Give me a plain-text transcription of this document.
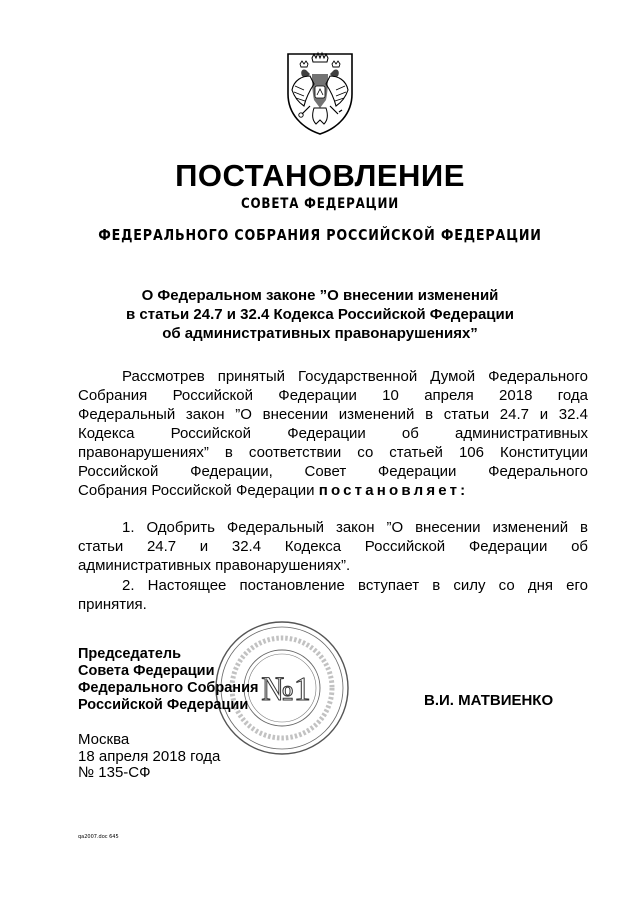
ПОСТАНОВЛЕНИЕ
СОВЕТА ФЕДЕРАЦИИ
ФЕДЕРАЛЬНОГО СОБРАНИЯ РОССИЙСКОЙ ФЕДЕРАЦИИ
О Федеральном законе ”О внесении изменений
в статьи 24.7 и 32.4 Кодекса Российской Федерации
об административных правонарушениях”
Рассмотрев принятый Государственной Думой Федерального
Собрания Российской Федерации 10 апреля 2018 года
Федеральный закон ”О внесении изменений в статьи 24.7 и 32.4
Кодекса Российской Федерации об административных
правонарушениях” в соответствии со статьей 106 Конституции
Российской Федерации, Совет Федерации Федерального
Собрания Российской Федерации постановляет:
1. Одобрить Федеральный закон ”О внесении изменений в
статьи 24.7 и 32.4 Кодекса Российской Федерации об
административных правонарушениях”.
2. Настоящее постановление вступает в силу со дня его
принятия.
№1
Председатель
Совета Федерации
Федерального Собрания
Российской Федерации	В.И. МАТВИЕНКО
Москва
18 апреля 2018 года
№ 135-СФ
qa2007.doc 645
